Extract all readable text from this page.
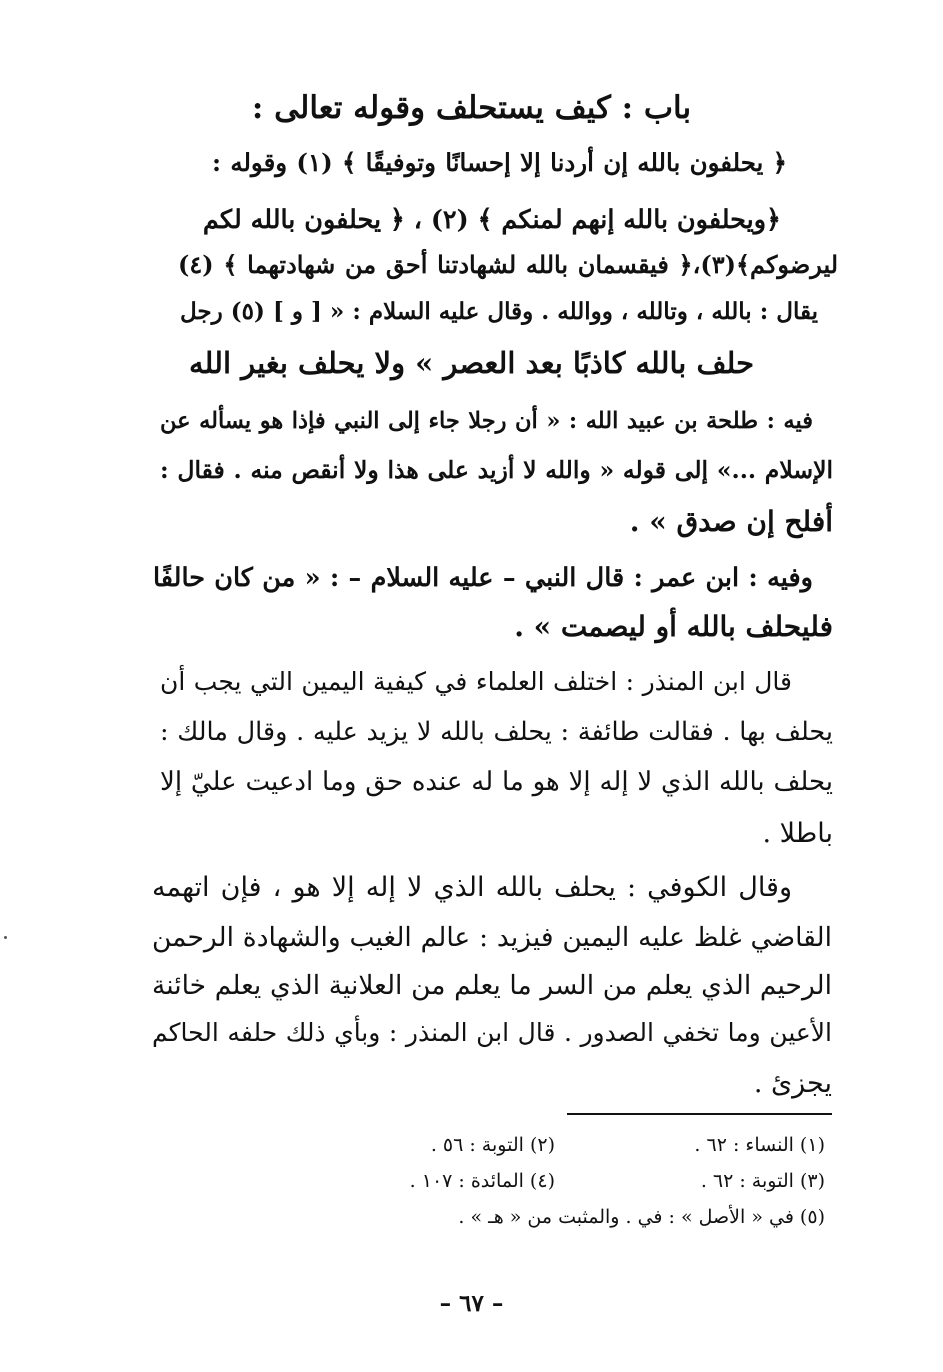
باب : كيف يستحلف وقوله تعالى :
﴿ يحلفون بالله إن أردنا إلا إحسانًا وتوفيقًا ﴾ (١) وقوله :
﴿ويحلفون بالله إنهم لمنكم ﴾ (٢) ، ﴿ يحلفون بالله لكم
ليرضوكم﴾(٣)،﴿ فيقسمان بالله لشهادتنا أحق من شهادتهما ﴾ (٤)
يقال : بالله ، وتالله ، ووالله . وقال عليه السلام : « [ و ] (٥) رجل
حلف بالله كاذبًا بعد العصر » ولا يحلف بغير الله
فيه : طلحة بن عبيد الله : « أن رجلا جاء إلى النبي فإذا هو يسأله عن
الإسلام ...» إلى قوله « والله لا أزيد على هذا ولا أنقص منه . فقال :
أفلح إن صدق » .
وفيه : ابن عمر : قال النبي – عليه السلام – : « من كان حالفًا
فليحلف بالله أو ليصمت » .
قال ابن المنذر : اختلف العلماء في كيفية اليمين التي يجب أن
يحلف بها . فقالت طائفة : يحلف بالله لا يزيد عليه . وقال مالك :
يحلف بالله الذي لا إله إلا هو ما له عنده حق وما ادعيت عليّ إلا
باطلا .
وقال الكوفي : يحلف بالله الذي لا إله إلا هو ، فإن اتهمه
القاضي غلظ عليه اليمين فيزيد : عالم الغيب والشهادة الرحمن
الرحيم الذي يعلم من السر ما يعلم من العلانية الذي يعلم خائنة
الأعين وما تخفي الصدور . قال ابن المنذر : وبأي ذلك حلفه الحاكم
يجزئ .
(١) النساء : ٦٢ .
(٢) التوبة : ٥٦ .
(٣) التوبة : ٦٢ .
(٤) المائدة : ١٠٧ .
(٥) في « الأصل » : في . والمثبت من « هـ » .
– ٦٧ –
